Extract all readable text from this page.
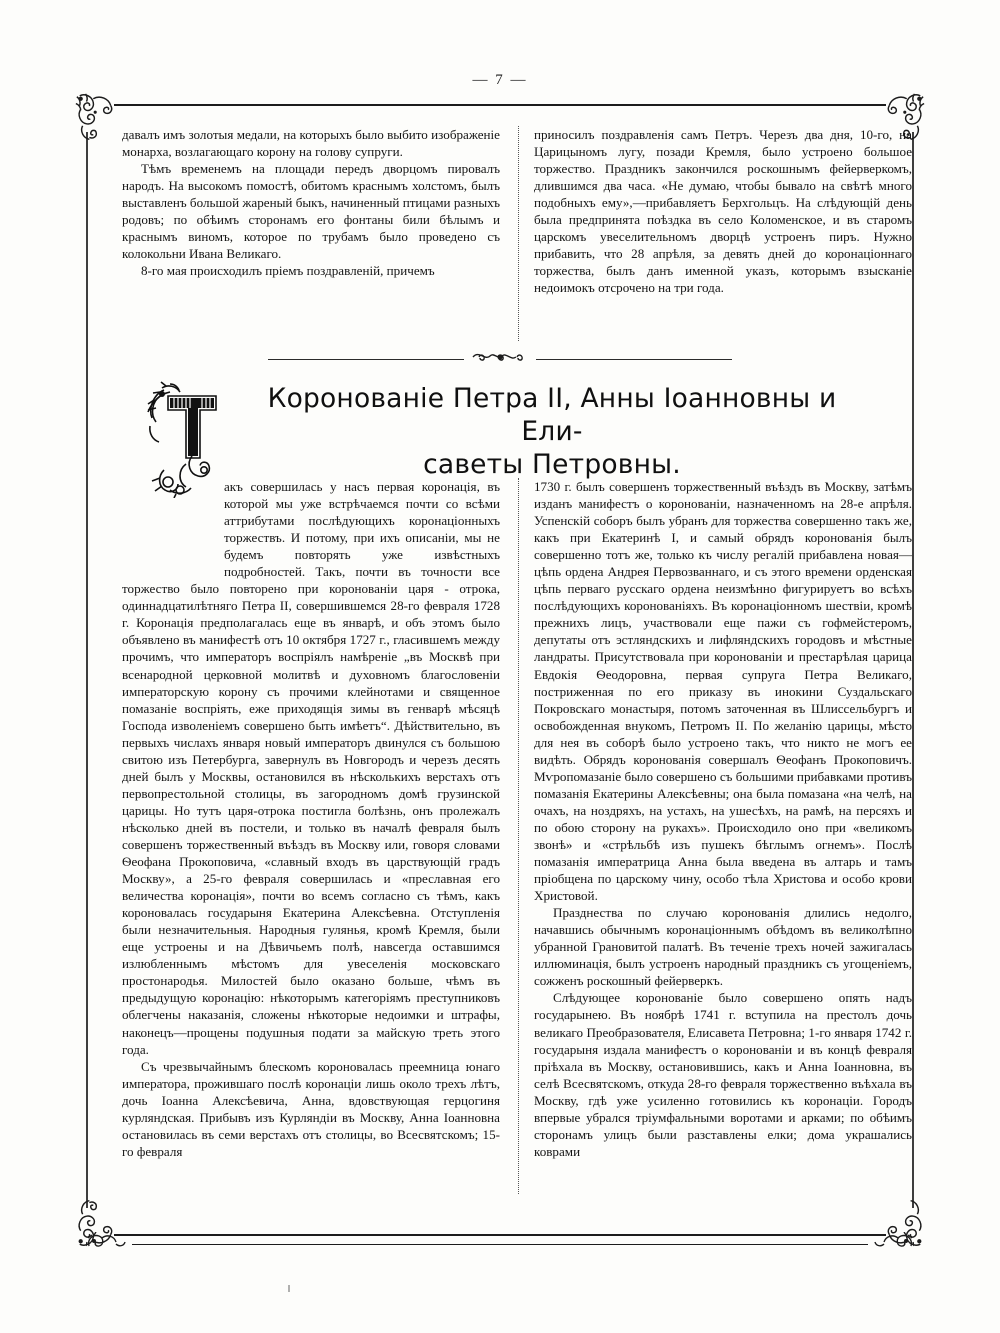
— 7 —

давалъ имъ золотыя медали, на которыхъ было выбито изображеніе монарха, возлагающаго корону на голову супруги.

Тѣмъ временемъ на площади передъ дворцомъ пировалъ народъ. На высокомъ помостѣ, обитомъ краснымъ холстомъ, былъ выставленъ большой жареный быкъ, начиненный птицами разныхъ родовъ; по обѣимъ сторонамъ его фонтаны били бѣлымъ и краснымъ виномъ, которое по трубамъ было проведено съ колокольни Ивана Великаго.

8-го мая происходилъ пріемъ поздравленій, причемъ

приносилъ поздравленія самъ Петръ. Черезъ два дня, 10-го, на Царицыномъ лугу, позади Кремля, было устроено большое торжество. Праздникъ закончился роскошнымъ фейерверкомъ, длившимся два часа. «Не думаю, чтобы бывало на свѣтѣ много подобныхъ ему»,—прибавляетъ Берхгольцъ. На слѣдующій день была предпринята поѣздка въ село Коломенское, и въ старомъ царскомъ увеселительномъ дворцѣ устроенъ пиръ. Нужно прибавить, что 28 апрѣля, за девять дней до коронаціоннаго торжества, былъ данъ именной указъ, которымъ взысканіе недоимокъ отсрочено на три года.

Коронованіе Петра II, Анны Іоанновны и Ели-
саветы Петровны.

акъ совершилась у насъ первая коронація, въ которой мы уже встрѣчаемся почти со всѣми аттрибутами послѣдующихъ коронаціонныхъ торжествъ. И потому, при ихъ описаніи, мы не будемъ повторять уже извѣстныхъ подробностей. Такъ, почти въ точности все торжество было повторено при коронованіи царя - отрока, одиннадцатилѣтняго Петра II, совершившемся 28-го февраля 1728 г. Коронація предполагалась еще въ январѣ, и объ этомъ было объявлено въ манифестѣ отъ 10 октября 1727 г., гласившемъ между прочимъ, что императоръ воспріялъ намѣреніе „въ Москвѣ при всенародной церковной молитвѣ и духовномъ благословеніи императорскую корону съ прочими клейнотами и священное помазаніе воспріять, еже приходящія зимы въ генварѣ мѣсяцѣ Господа изволеніемъ совершено быть имѣетъ“. Дѣйствительно, въ первыхъ числахъ января новый императоръ двинулся съ большою свитою изъ Петербурга, завернулъ въ Новгородъ и черезъ десять дней былъ у Москвы, остановился въ нѣсколькихъ верстахъ отъ первопрестольной столицы, въ загородномъ домѣ грузинской царицы. Но тутъ царя-отрока постигла болѣзнь, онъ пролежалъ нѣсколько дней въ постели, и только въ началѣ февраля былъ совершенъ торжественный въѣздъ въ Москву или, говоря словами Ѳеофана Прокоповича, «славный входъ въ царствующій градъ Москву», а 25-го февраля совершилась и «преславная его величества коронація», почти во всемъ согласно съ тѣмъ, какъ короновалась государыня Екатерина Алексѣевна. Отступленія были незначительныя. Народныя гулянья, кромѣ Кремля, были еще устроены и на Дѣвичьемъ полѣ, навсегда оставшимся излюбленнымъ мѣстомъ для увеселенія московскаго простонародья. Милостей было оказано больше, чѣмъ въ предыдущую коронацію: нѣкоторымъ категоріямъ преступниковъ облегчены наказанія, сложены нѣкоторые недоимки и штрафы, наконецъ—прощены подушныя подати за майскую треть этого года.

Съ чрезвычайнымъ блескомъ короновалась преемница юнаго императора, прожившаго послѣ коронаціи лишь около трехъ лѣтъ, дочь Іоанна Алексѣевича, Анна, вдовствующая герцогиня курляндская. Прибывъ изъ Курляндіи въ Москву, Анна Іоанновна остановилась въ семи верстахъ отъ столицы, во Всесвятскомъ; 15-го февраля

1730 г. былъ совершенъ торжественный въѣздъ въ Москву, затѣмъ изданъ манифестъ о коронованіи, назначенномъ на 28-е апрѣля. Успенскій соборъ былъ убранъ для торжества совершенно такъ же, какъ при Екатеринѣ I, и самый обрядъ коронованія былъ совершенно тотъ же, только къ числу регалій прибавлена новая—цѣпь ордена Андрея Первозваннаго, и съ этого времени орденская цѣпь перваго русскаго ордена неизмѣнно фигурируетъ во всѣхъ послѣдующихъ коронованіяхъ. Въ коронаціонномъ шествіи, кромѣ прежнихъ лицъ, участвовали еще пажи съ гофмейстеромъ, депутаты отъ эстляндскихъ и лифляндскихъ городовъ и мѣстные ландраты. Присутствовала при коронованіи и престарѣлая царица Евдокія Ѳеодоровна, первая супруга Петра Великаго, постриженная по его приказу въ инокини Суздальскаго Покровскаго монастыря, потомъ заточенная въ Шлиссельбургъ и освобожденная внукомъ, Петромъ II. По желанію царицы, мѣсто для нея въ соборѣ было устроено такъ, что никто не могъ ее видѣть. Обрядъ коронованія совершалъ Ѳеофанъ Прокоповичъ. Мѵропомазаніе было совершено съ большими прибавками противъ помазанія Екатерины Алексѣевны; она была помазана «на челѣ, на очахъ, на ноздряхъ, на устахъ, на ушесѣхъ, на рамѣ, на персяхъ и по обою сторону на рукахъ». Происходило оно при «великомъ звонѣ» и «стрѣльбѣ изъ пушекъ бѣглымъ огнемъ». Послѣ помазанія императрица Анна была введена въ алтарь и тамъ пріобщена по царскому чину, особо тѣла Христова и особо крови Христовой.

Празднества по случаю коронованія длились недолго, начавшись обычнымъ коронаціоннымъ обѣдомъ въ великолѣпно убранной Грановитой палатѣ. Въ теченіе трехъ ночей зажигалась иллюминація, былъ устроенъ народный праздникъ съ угощеніемъ, сожженъ роскошный фейерверкъ.

Слѣдующее коронованіе было совершено опять надъ государынею. Въ ноябрѣ 1741 г. вступила на престолъ дочь великаго Преобразователя, Елисавета Петровна; 1-го января 1742 г. государыня издала манифестъ о коронованіи и въ концѣ февраля пріѣхала въ Москву, остановившись, какъ и Анна Іоанновна, въ селѣ Всесвятскомъ, откуда 28-го февраля торжественно въѣхала въ Москву, гдѣ уже усиленно готовились къ коронаціи. Городъ впервые убрался тріумфальными воротами и арками; по обѣимъ сторонамъ улицъ были разставлены елки; дома украшались коврами
